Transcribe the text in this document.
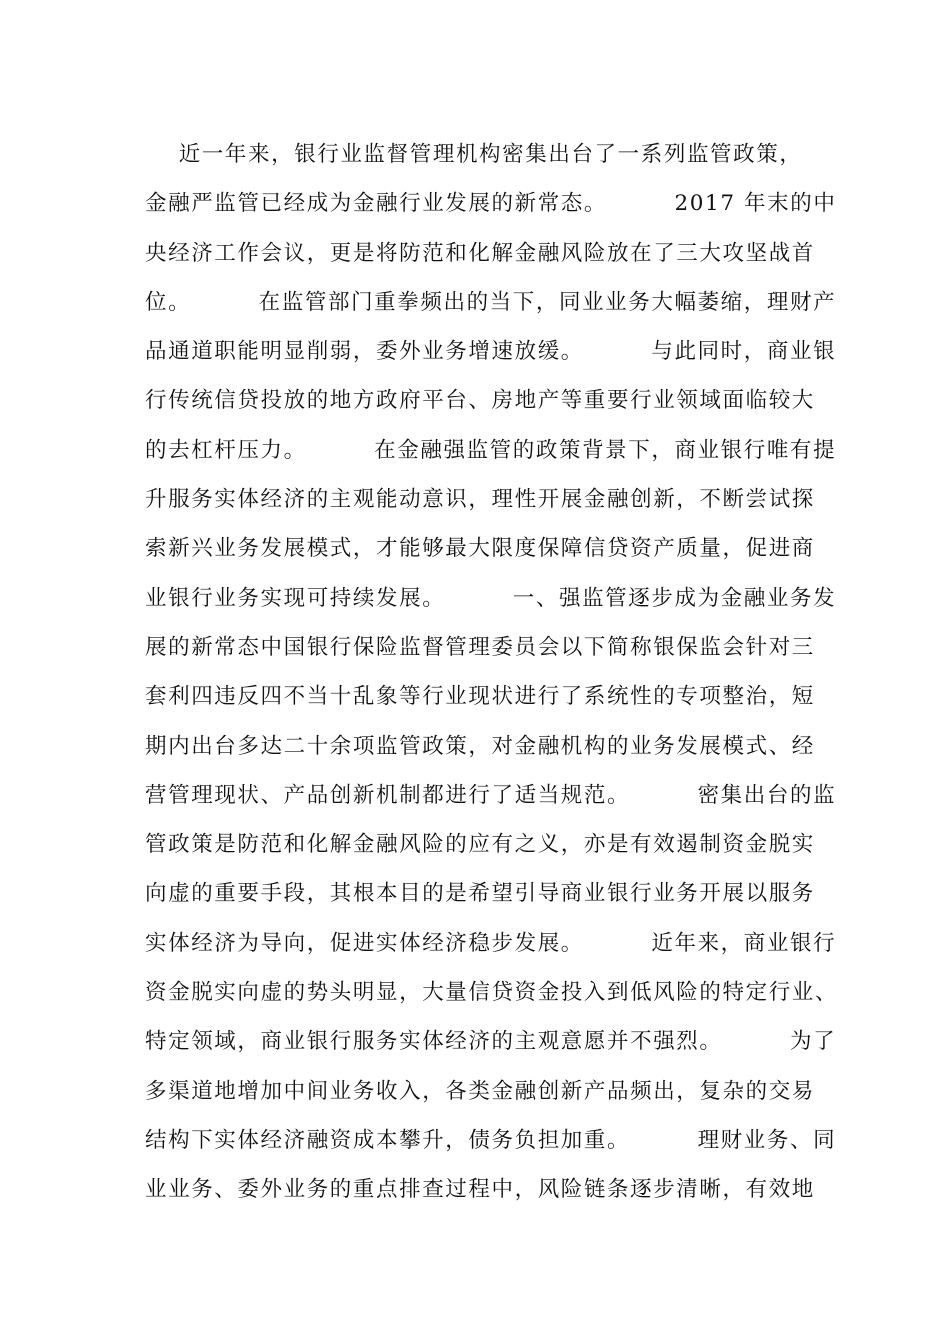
近一年来，银行业监督管理机构密集出台了一系列监管政策，
金融严监管已经成为金融行业发展的新常态。        2017 年末的中
央经济工作会议，更是将防范和化解金融风险放在了三大攻坚战首
位。        在监管部门重拳频出的当下，同业业务大幅萎缩，理财产
品通道职能明显削弱，委外业务增速放缓。        与此同时，商业银
行传统信贷投放的地方政府平台、房地产等重要行业领域面临较大
的去杠杆压力。        在金融强监管的政策背景下，商业银行唯有提
升服务实体经济的主观能动意识，理性开展金融创新，不断尝试探
索新兴业务发展模式，才能够最大限度保障信贷资产质量，促进商
业银行业务实现可持续发展。        一、强监管逐步成为金融业务发
展的新常态中国银行保险监督管理委员会以下简称银保监会针对三
套利四违反四不当十乱象等行业现状进行了系统性的专项整治，短
期内出台多达二十余项监管政策，对金融机构的业务发展模式、经
营管理现状、产品创新机制都进行了适当规范。        密集出台的监
管政策是防范和化解金融风险的应有之义，亦是有效遏制资金脱实
向虚的重要手段，其根本目的是希望引导商业银行业务开展以服务
实体经济为导向，促进实体经济稳步发展。        近年来，商业银行
资金脱实向虚的势头明显，大量信贷资金投入到低风险的特定行业、
特定领域，商业银行服务实体经济的主观意愿并不强烈。        为了
多渠道地增加中间业务收入，各类金融创新产品频出，复杂的交易
结构下实体经济融资成本攀升，债务负担加重。        理财业务、同
业业务、委外业务的重点排查过程中，风险链条逐步清晰，有效地
